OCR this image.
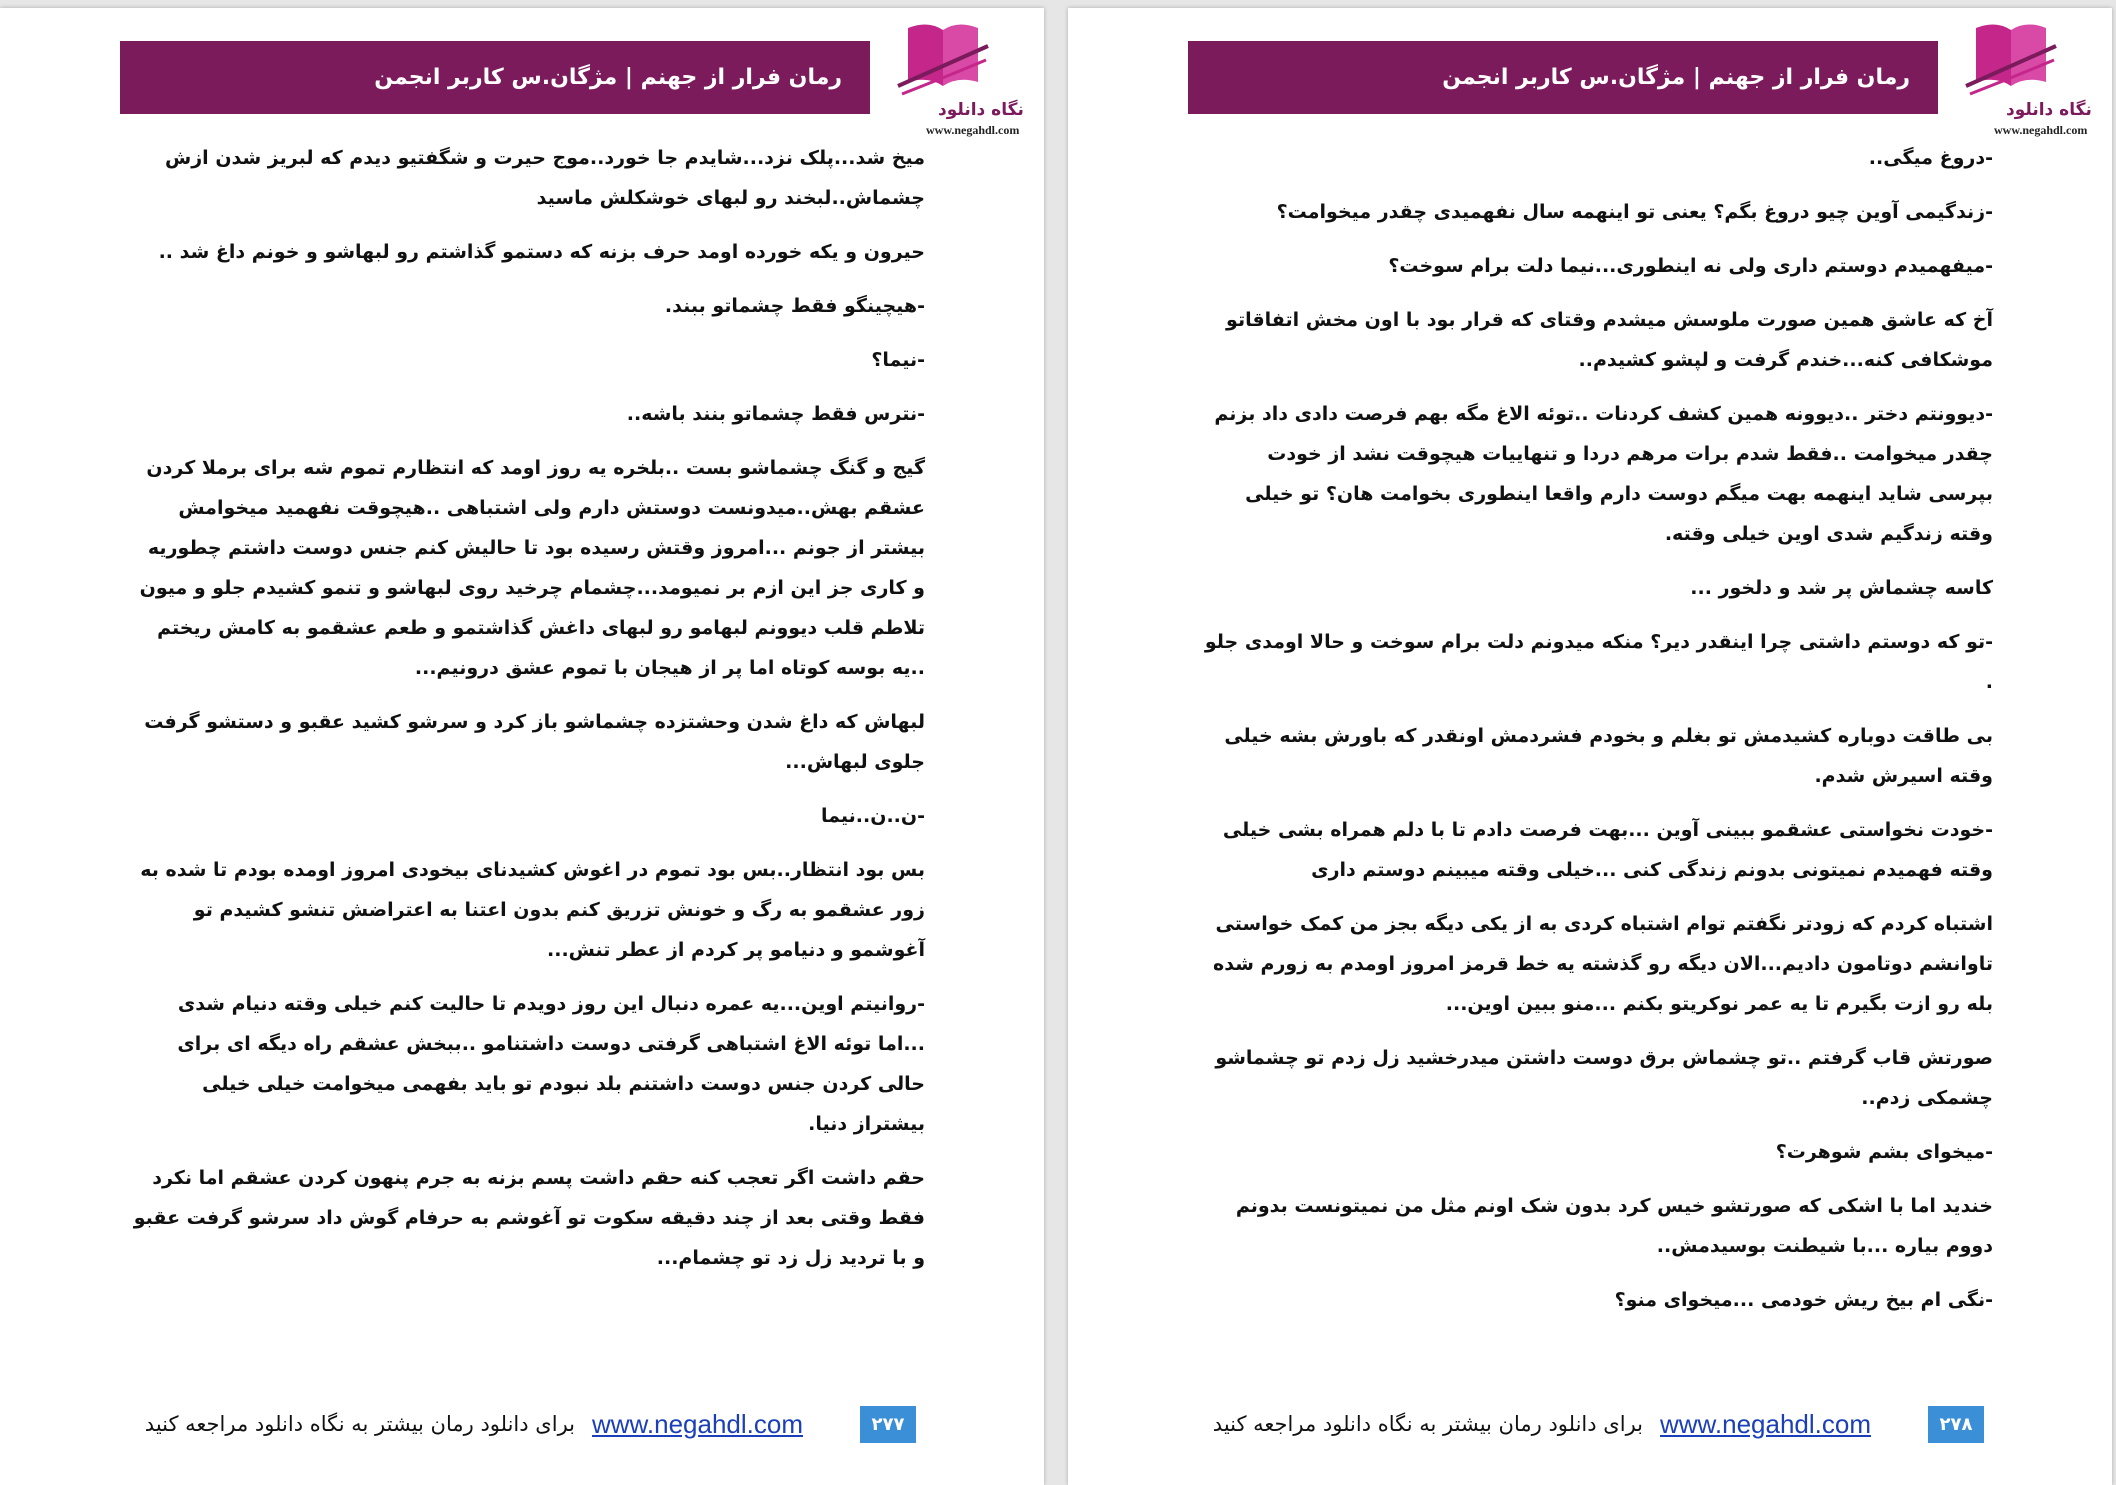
رمان فرار از جهنم | مژگان.س کاربر انجمن
نگاه دانلود
www.negahdl.com

میخ شد...پلک نزد...شایدم جا خورد..موج حیرت و شگفتیو دیدم که لبریز شدن ازش چشماش..لبخند رو لبهای خوشکلش ماسید

حیرون و یکه خورده اومد حرف بزنه که دستمو گذاشتم رو لبهاشو و خونم داغ شد ..

-هیچینگو فقط چشماتو ببند.

-نیما؟

-نترس فقط چشماتو بنند باشه..

گیج و گنگ چشماشو بست ..بلخره یه روز اومد که انتظارم تموم شه برای برملا کردن عشقم بهش..میدونست دوستش دارم ولی اشتباهی ..هیچوقت نفهمید میخوامش بیشتر از جونم ...امروز وقتش رسیده بود تا حالیش کنم جنس دوست داشتم چطوریه و کاری جز این ازم بر نمیومد...چشمام چرخید روی لبهاشو و تنمو کشیدم جلو و میون تلاطم قلب دیوونم لبهامو رو لبهای داغش گذاشتمو و طعم عشقمو به کامش ریختم ..یه بوسه کوتاه اما پر از هیجان با تموم عشق درونیم...

لبهاش که داغ شدن وحشتزده چشماشو باز کرد و سرشو کشید عقبو و دستشو گرفت جلوی لبهاش...

-ن..ن..نیما

بس بود انتظار..بس بود تموم در اغوش کشیدنای بیخودی امروز اومده بودم تا شده به زور عشقمو به رگ و خونش تزریق کنم بدون اعتنا به اعتراضش تنشو کشیدم تو آغوشمو و دنیامو پر کردم از عطر تنش...

-روانیتم اوین...یه عمره دنبال این روز دویدم تا حالیت کنم خیلی وقته دنیام شدی ...اما توئه الاغ اشتباهی گرفتی دوست داشتنامو ..ببخش عشقم راه دیگه ای برای حالی کردن جنس دوست داشتنم بلد نبودم تو باید بفهمی میخوامت خیلی خیلی بیشتراز دنیا.

حقم داشت اگر تعجب کنه حقم داشت پسم بزنه به جرم پنهون کردن عشقم اما نکرد فقط وقتی بعد از چند دقیقه سکوت تو آغوشم به حرفام گوش داد سرشو گرفت عقبو و با تردید زل زد تو چشمام...

۲۷۷
www.negahdl.com
برای دانلود رمان بیشتر به نگاه دانلود مراجعه کنید
رمان فرار از جهنم | مژگان.س کاربر انجمن
نگاه دانلود
www.negahdl.com

-دروغ میگی..

-زندگیمی آوین چیو دروغ بگم؟ یعنی تو اینهمه سال نفهمیدی چقدر میخوامت؟

-میفهمیدم دوستم داری ولی نه اینطوری...نیما دلت برام سوخت؟

آخ که عاشق همین صورت ملوسش میشدم وقتای که قرار بود با اون مخش اتفاقاتو موشکافی کنه...خندم گرفت و لپشو کشیدم..

-دیوونتم دختر ..دیوونه همین کشف کردنات ..توئه الاغ مگه بهم فرصت دادی داد بزنم چقدر میخوامت ..فقط شدم برات مرهم دردا و تنهاییات هیچوقت نشد از خودت بپرسی شاید اینهمه بهت میگم دوست دارم واقعا اینطوری بخوامت هان؟ تو خیلی وقته زندگیم شدی اوین خیلی وقته.

کاسه چشماش پر شد و دلخور ...

-تو که دوستم داشتی چرا اینقدر دیر؟ منکه میدونم دلت برام سوخت و حالا اومدی جلو .

بی طاقت دوباره کشیدمش تو بغلم و بخودم فشردمش اونقدر که باورش بشه خیلی وقته اسیرش شدم.

-خودت نخواستی عشقمو ببینی آوین ...بهت فرصت دادم تا با دلم همراه بشی خیلی وقته فهمیدم نمیتونی بدونم زندگی کنی ...خیلی وقته میبینم دوستم داری

اشتباه کردم که زودتر نگفتم توام اشتباه کردی به از یکی دیگه بجز من کمک خواستی تاوانشم دوتامون دادیم...الان دیگه رو گذشته یه خط قرمز امروز اومدم به زورم شده بله رو ازت بگیرم تا یه عمر نوکریتو بکنم ...منو ببین اوین...

صورتش قاب گرفتم ..تو چشماش برق دوست داشتن میدرخشید زل زدم تو چشماشو چشمکی زدم..

-میخوای بشم شوهرت؟

خندید اما با اشکی که صورتشو خیس کرد بدون شک اونم مثل من نمیتونست بدونم دووم بیاره ...با شیطنت بوسیدمش..

-نگی ام بیخ ریش خودمی ...میخوای منو؟

۲۷۸
www.negahdl.com
برای دانلود رمان بیشتر به نگاه دانلود مراجعه کنید
